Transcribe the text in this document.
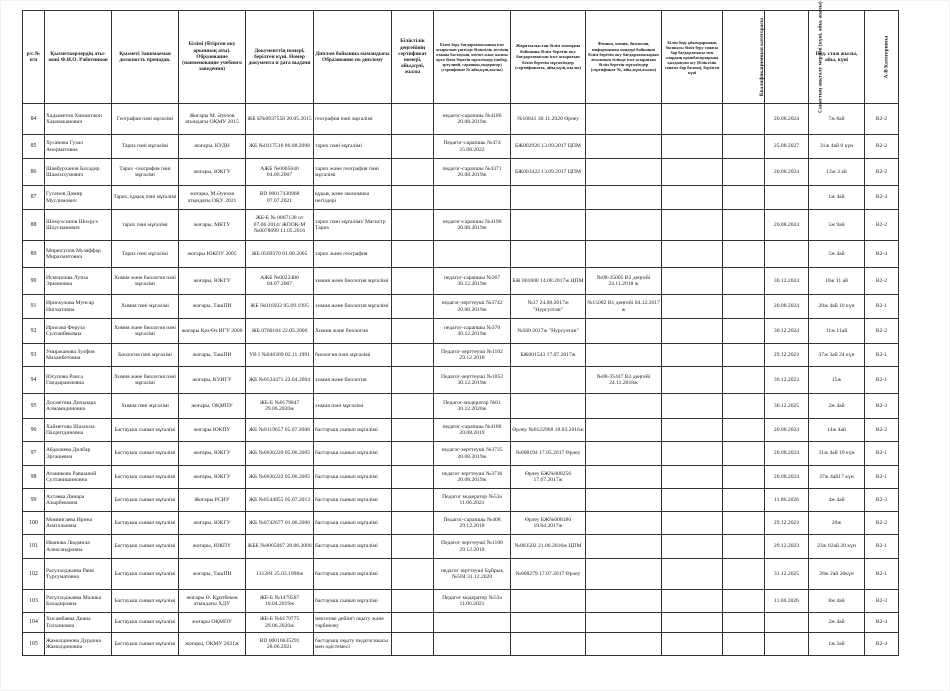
р/с.№ п/п	Қызметкерлердің аты-жөні Ф.И.О. Работников	Қызметі Занимаемая должность преподав.	Білімі (бітірген оку орынның аты). Образование (наименование учебного заведения)	Документтің номері, берілген күні. Номер документа и дата выдачи	Диплом бойынша мамандығы Образование по диплому	Біліктілік деңгейінің сертификат номері, айы,күні, жылы	Білім беру бағдарламасының іске асырылып үштілде біліктілік тестінің оташы бастауыш, негізгі және жалпы орта білім беретін мұғалімдер (мибер, эртүлпий, сарапшы,модератор)(сертификат № айы,күні,жылы)	Жаратылыстан білім мазмұны бойынша білім беретін оку бағдарламасын іске асыратын білім беретін мұғалімдер (сертификаты, айы,күні,жылы)	Физика, химия, биология, информатика пәндері бойынша білім беретін оку бағдарламаларын ағылшын тілінде іске асыратын білім беретін мұғалімдер (сертификат №, айы,күні,жылы)	Білім беру ұйымдарының басшысы білім беру сапасы бар бағдарламасы мен олардың орынбасарларына қалдықтан асу (біліктілік санаты бар басшы), берілген күні	Квалификационная категорасы	Санаттың аяқталу мерзімі (күні, айы, жылы)	Пед. стаж жылы, айы, күні	А-В Категориясы
84	Хадыметов Хикматжон Хакимжанович	География пәні мұғалімі	Жоғары М. Әуезов атындағы ОҚМУ 2015	ЖБ Б№0937558 20.05.2015	география пәні мұғалімі		педагог-сарапшы №4186 20.08.2019ж	№10841 30.11.2020 Өрлеу				20.08.2024	7ж 8ай	B2-2
85	Хусанова Гузал Анорматовна	Тарих пәні мұғалімі	жоғары, КУДН	ЖБ №0117516 06.08.2008	тарих пәні мұғалімі		Педагог-сарапшы №474 25.08.2022	БЖ002926 13.09.2017 ЦПМ				25.08.2027	31ж 4ай 0 күн	B2-2
86	Шавбурханов Бахадир Шамсихумович	Тарих -география пәні мұғалімі	жоғары, ЮКГУ	АЖБ №0005640 04.06.2007	тарих және география пәні мұғалімі		педагог-сарапшы №4371 20.08.2019ж	БЖ003422 13.09.2017 ЦПМ				20.08.2024	12ж 3 ай	B2-2
87	Гусенов Дамир Муслимович	Тарих, құқық пәні мұғалімі	жоғары, М.Әуезов атындағы ОҚУ 2021	BD 00017430968 07.07.2021	құқық және экономика негіздері								1ж 4ай	B2-4
88	Шомухсинов Шохрух Шоусманович	тарих пәні мұғалімі	жоғары, МКТУ	ЖБ-Б № 0067138 от 07.06.2014/ ЖООК-М №0078699 11.05.2016	тарих пәні мұғалімі/ Магистр Тарих		педагог-сарапшы №4190 20.08.2019ж					20.08.2024	5ж 9ай	B2-2
89	Мирюсупов Музаффар Мирахмитович	Тарих пәні мұғалімі	жоғары ЮКПУ 2005	ЖБ 0569370 01.08.2005	тарих және география								5ж 4ай	B2-4
90	Исмоилова Лунза Эркиновна	Химия және биология пәні мұғалімі	жоғары, ЮКГУ	АЖБ №0022480 04.07.2007	химия және биология мұғалімі		педагог-сарапшы №367 30.12.2019ж	БЖ 001808 14.08.2017ж ЦПМ	№08-35005 B2 деңгейі 24.11.2018 ж			30.12.2024	10ж 11 ай	B2-2
91	Ирискулова Мунсар Нигматовна	Химия пәні мұғалімі	жоғары, ТашПИ	ЖБ №016932 05.09.1995	химия және биология мұғалімі		педагог-зерттеуші №3742 20.08.2019ж	№37 24.08.2017ж "Нурсултан"	№15082 B1 деңгейі 04.12.2017 ж			20.08.2024	28ж 4ай 10 күн	B2-1
92	Ирисова Феруза Султанбековна	Химия және биология пәні мұғалімі	жоғары Қаз-Өз ИГУ 2006	ЖБ 0760184 22.05.2006	Химия және биология		педагог-сарапшы №370 30.12.2019ж	№560 2017ж "Нурсултан"				30.12.2024	11ж 11ай	B2-2
93	Умиржанова Зулфия Маханбетовна	Биология пәні мұғалімі	жоғары, ТашПИ	УВ І №040369 02.11.1991	биология пәні мұғалімі		Педагог-зерттеуші №1102 29.12.2018	БЖ001543 17.07.2017ж				29.12.2023	37ж 3ай 24 күн	B2-1
94	Юсупова Раиса Гапдыраимовна	Химия және биология пәні мұғалімі	жоғары, КУИГУ	ЖБ №0534471 22.04.2004	химия және биология		Педагог-зерттеуші №1052 30.12.2019ж		№08-35447 B2 деңгейі 24.11.2018ж			30.12.2023	15ж	B2-1
95	Досметова Дильнара Алмамидиновна	Химия пәні мұғалімі	жоғары, ОҚМПУ	ЖБ-Б №0179847 29.06.2020ж	химия пәні мұғалімі		Педагог-модератор №01 30.12.2020ж					30.12.2025	2ж 4ай	B2-3
96	Хайметова Шахноза Пахритдиновна	Бастауыш сынып мұғалімі	жоғары ЮКПУ	ЖБ №0119657 05.07.2008	бастауыш сынып мұғалімі		педагог-сарапшы №4188 20.08.2019	Өрлеу №0122968 18.03.2016ж				20.08.2024	14ж 4ай	B2-2
97	Абдалиева Дилбар Эргашевна	Бастауыш сынып мұғалімі	жоғары, ЮКГУ	ЖБ №0636220 05.06.2005	бастауыш сынып мұғалімі		педагог-зерттеуші №3735 20.08.2019ж	№008194 17.05.2017 Өрлеу				20.08.2024	31ж 4ай 10 күн	B2-1
98	Атаникова Равшаной Султанишиновна	Бастауыш сынып мұғалімі	жоғары, ЮКГУ	ЖБ №0636222 05.06.2005	бастауыш сынып мұғалімі		педагог зерттеуші №3736 20.08.2019ж	Өрлеу БЖ№008256 17.07.2017ж				20.08.2024	37ж 4ай17 күн	B2-1
99	Ахтаева Динара Азырбековна	Бастауыш сынып мұғалімі	Жоғары РСИУ	ЖБ №0544855 05.07.2013	бастауыш сынып мұғалімі		Педагог модератор №53ә 11.06.2021					11.06.2026	4ж 4ай	B2-3
100	Момингаева Ирина Анатольевна	Бастауыш сынып мұғалімі	жоғары, ЮКГУ	ЖБ №0742677 01.06.2006	бастауыш сынып мұғалімі		Педагог-сарапшы №408 29.12.2018	Өрлеу БЖ№008180 19.04.2017ж				29.12.2023	20ж	B2-2
101	Иванова Людмила Александровна	Бастауыш сынып мұғалімі	жоғары, ЮКПУ	ЖББ №0005067 28.06.2006	бастауыш сынып мұғалімі		Педагог-зерттеуші №1108 29.12.2018	№003502 21.06.2016ж ЦПМ				29.12.2023	23ж 02ай 20 күн	B2-1
102	Расулходжаева Раня Турсуматовна	Бастауыш сынып мұғалімі	жоғары, ТашПИ	131284 25.03.1998ж	бастауыш сынып мұғалімі		педагог зерттеуші Бұйрық №504 31.12.2020	№008279 17.07.2017 Өрлеу				31.12.2025	28ж 2ай 20күн	B2-1
103	Расулходжаева Малика Бахадировна	Бастауыш сынып мұғалімі	жоғары Ө. Құнтбеков атындағы ХДУ	ЖБ-Б №1479587 10.04.2019ж	бастауыш сынып мұғалімі		Педагог модератор №53ә 11.06.2021					11.06.2026	8ж 4ай	B2-3
104	Хисамбаева Диана Толхиновна	Бастауыш сынып мұғалімі	жоғары ОҚМПУ	ЖБ-Б №0179775 29.06.2020ж	мектепке дейінгі оқыту және тәрбиелеу								2ж 4ай	B2-4
105	Жамолдинова Дурдона Жамолдиновна	Бастауыш сынып мұғалімі	жоғары, ОҚМУ 2021ж	BD 00016635291 28.06.2021	бастауыш оқыту педагогикасы мен әдістемесі								1ж 3ай	B2-4
